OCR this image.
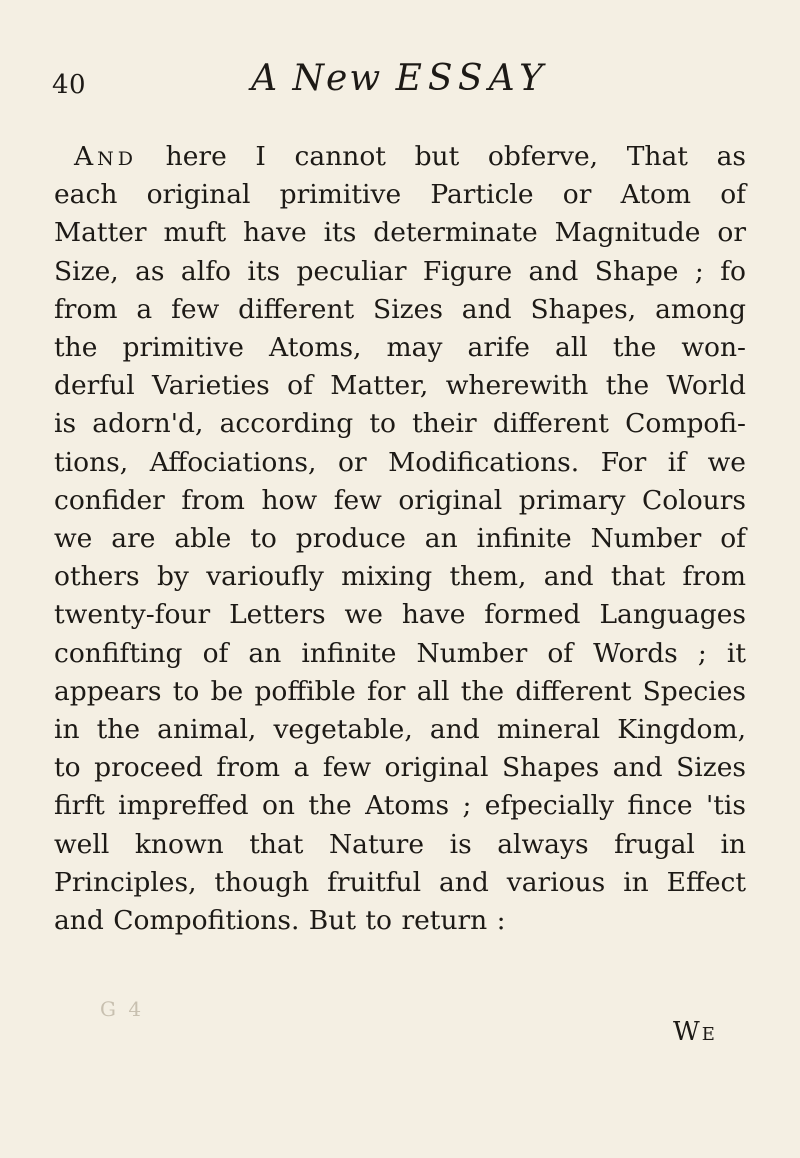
40	A New ESSAY
And here I cannot but obferve, That as
each original primitive Particle or Atom of
Matter muft have its determinate Magnitude or
Size, as alfo its peculiar Figure and Shape ; fo
from a few different Sizes and Shapes, among
the primitive Atoms, may arife all the won-
derful Varieties of Matter, wherewith the World
is adorn'd, according to their different Compofi-
tions, Affociations, or Modifications. For if we
confider from how few original primary Colours
we are able to produce an infinite Number of
others by varioufly mixing them, and that from
twenty-four Letters we have formed Languages
confifting of an infinite Number of Words ; it
appears to be poffible for all the different Species
in the animal, vegetable, and mineral Kingdom,
to proceed from a few original Shapes and Sizes
firft impreffed on the Atoms ; efpecially fince 'tis
well known that Nature is always frugal in
Principles, though fruitful and various in Effect
and Compofitions. But to return :
G 4
We
